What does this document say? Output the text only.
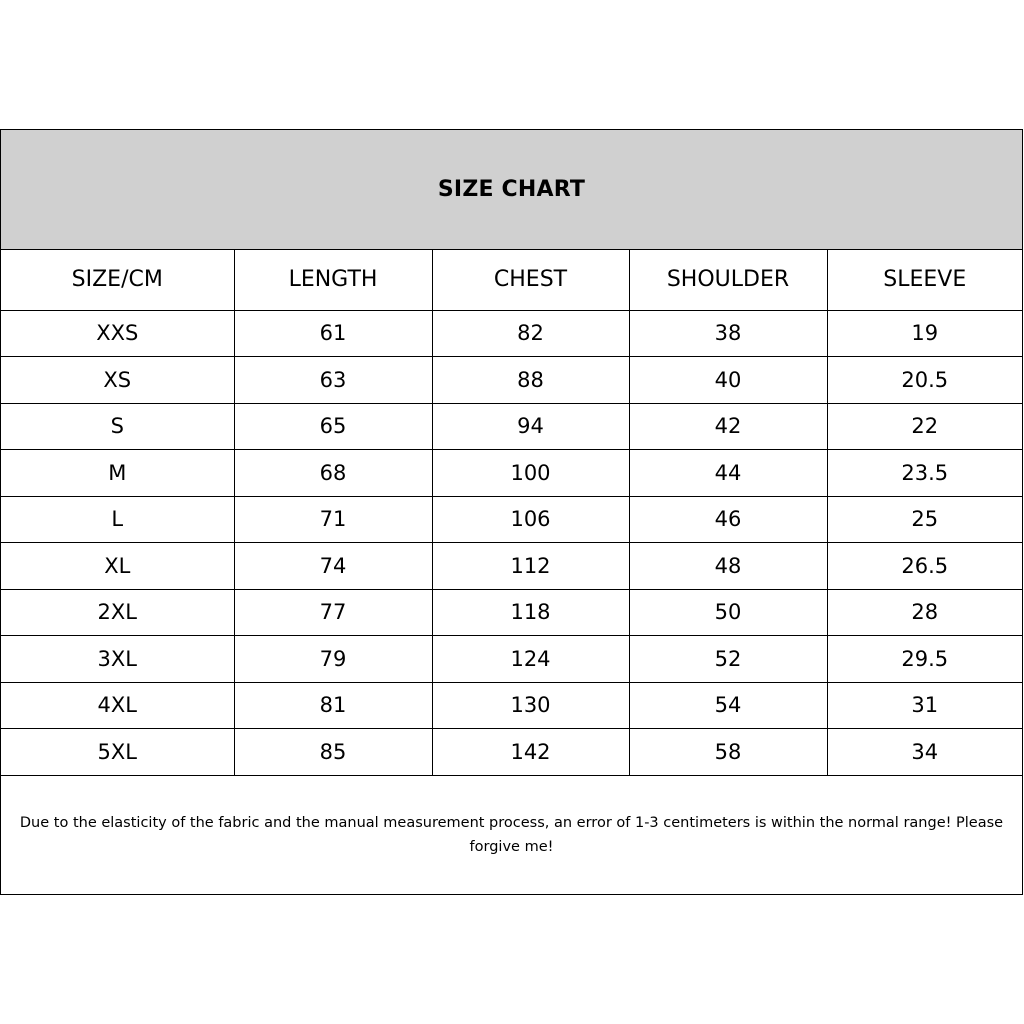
SIZE CHART
SIZE/CM	LENGTH	CHEST	SHOULDER	SLEEVE
XXS	61	82	38	19
XS	63	88	40	20.5
S	65	94	42	22
M	68	100	44	23.5
L	71	106	46	25
XL	74	112	48	26.5
2XL	77	118	50	28
3XL	79	124	52	29.5
4XL	81	130	54	31
5XL	85	142	58	34
Due to the elasticity of the fabric and the manual measurement process, an error of 1-3 centimeters is within the normal range! Please forgive me!
